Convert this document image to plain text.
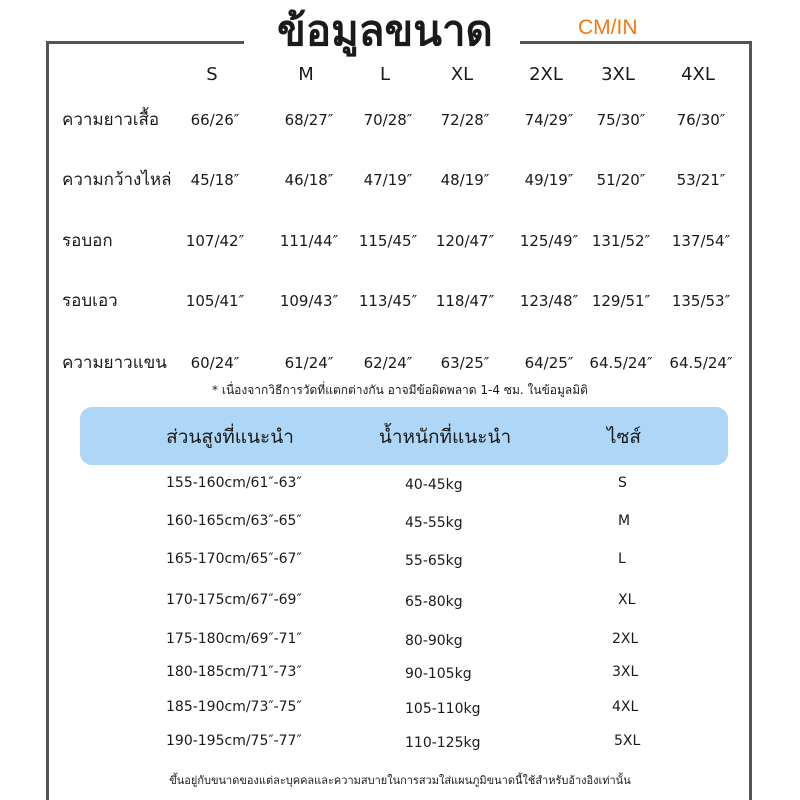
ข้อมูลขนาด	CM/IN
S	M	L	XL	2XL	3XL	4XL
ความยาวเสื้อ	66/26″	68/27″	70/28″	72/28″	74/29″	75/30″	76/30″
ความกว้างไหล่	45/18″	46/18″	47/19″	48/19″	49/19″	51/20″	53/21″
รอบอก	107/42″	111/44″	115/45″	120/47″	125/49″ 131/52″	137/54″
รอบเอว	105/41″	109/43″	113/45″	118/47″	123/48″ 129/51″	135/53″
ความยาวแขน	60/24″	61/24″	62/24″	63/25″	64/25″	64.5/24″	64.5/24″
* เนื่องจากวิธีการวัดที่แตกต่างกัน อาจมีข้อผิดพลาด 1-4 ซม. ในข้อมูลมิติ
ส่วนสูงที่แนะนำ	น้ำหนักที่แนะนำ	ไซส์
155-160cm/61″-63″	40-45kg	S
160-165cm/63″-65″	45-55kg	M
165-170cm/65″-67″	55-65kg	L
170-175cm/67″-69″	65-80kg	XL
175-180cm/69″-71″	80-90kg	2XL
180-185cm/71″-73″	90-105kg	3XL
185-190cm/73″-75″	105-110kg	4XL
190-195cm/75″-77″	110-125kg	5XL
ขึ้นอยู่กับขนาดของแต่ละบุคคลและความสบายในการสวมใส่แผนภูมิขนาดนี้ใช้สำหรับอ้างอิงเท่านั้น
